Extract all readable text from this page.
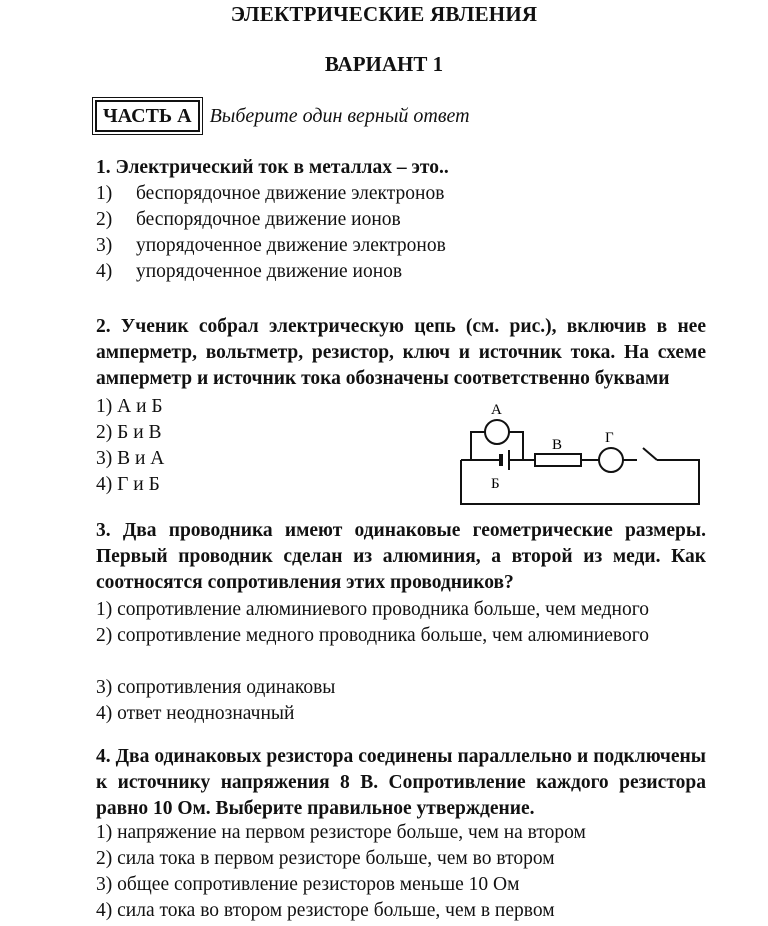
ЭЛЕКТРИЧЕСКИЕ ЯВЛЕНИЯ
ВАРИАНТ 1
ЧАСТЬ А Выберите один верный ответ
1. Электрический ток в металлах – это..
1) беспорядочное движение электронов
2) беспорядочное движение ионов
3) упорядоченное движение электронов
4) упорядоченное движение ионов
2. Ученик собрал электрическую цепь (см. рис.), включив в нее амперметр, вольтметр, резистор, ключ и источник тока. На схеме амперметр и источник тока обозначены соответственно буквами
1) А и Б
2) Б и В
3) В и А
4) Г и Б
А
Б
В	Г
3. Два проводника имеют одинаковые геометрические размеры. Первый проводник сделан из алюминия, а второй из меди. Как соотносятся сопротивления этих проводников?
1) сопротивление алюминиевого проводника больше, чем медного
2) сопротивление медного проводника больше, чем алюминиевого
3) сопротивления одинаковы
4) ответ неоднозначный
4. Два одинаковых резистора соединены параллельно и подключены к источнику напряжения 8 В. Сопротивление каждого резистора равно 10 Ом. Выберите правильное утверждение.
1) напряжение на первом резисторе больше, чем на втором
2) сила тока в первом резисторе больше, чем во втором
3) общее сопротивление резисторов меньше 10 Ом
4) сила тока во втором резисторе больше, чем в первом
